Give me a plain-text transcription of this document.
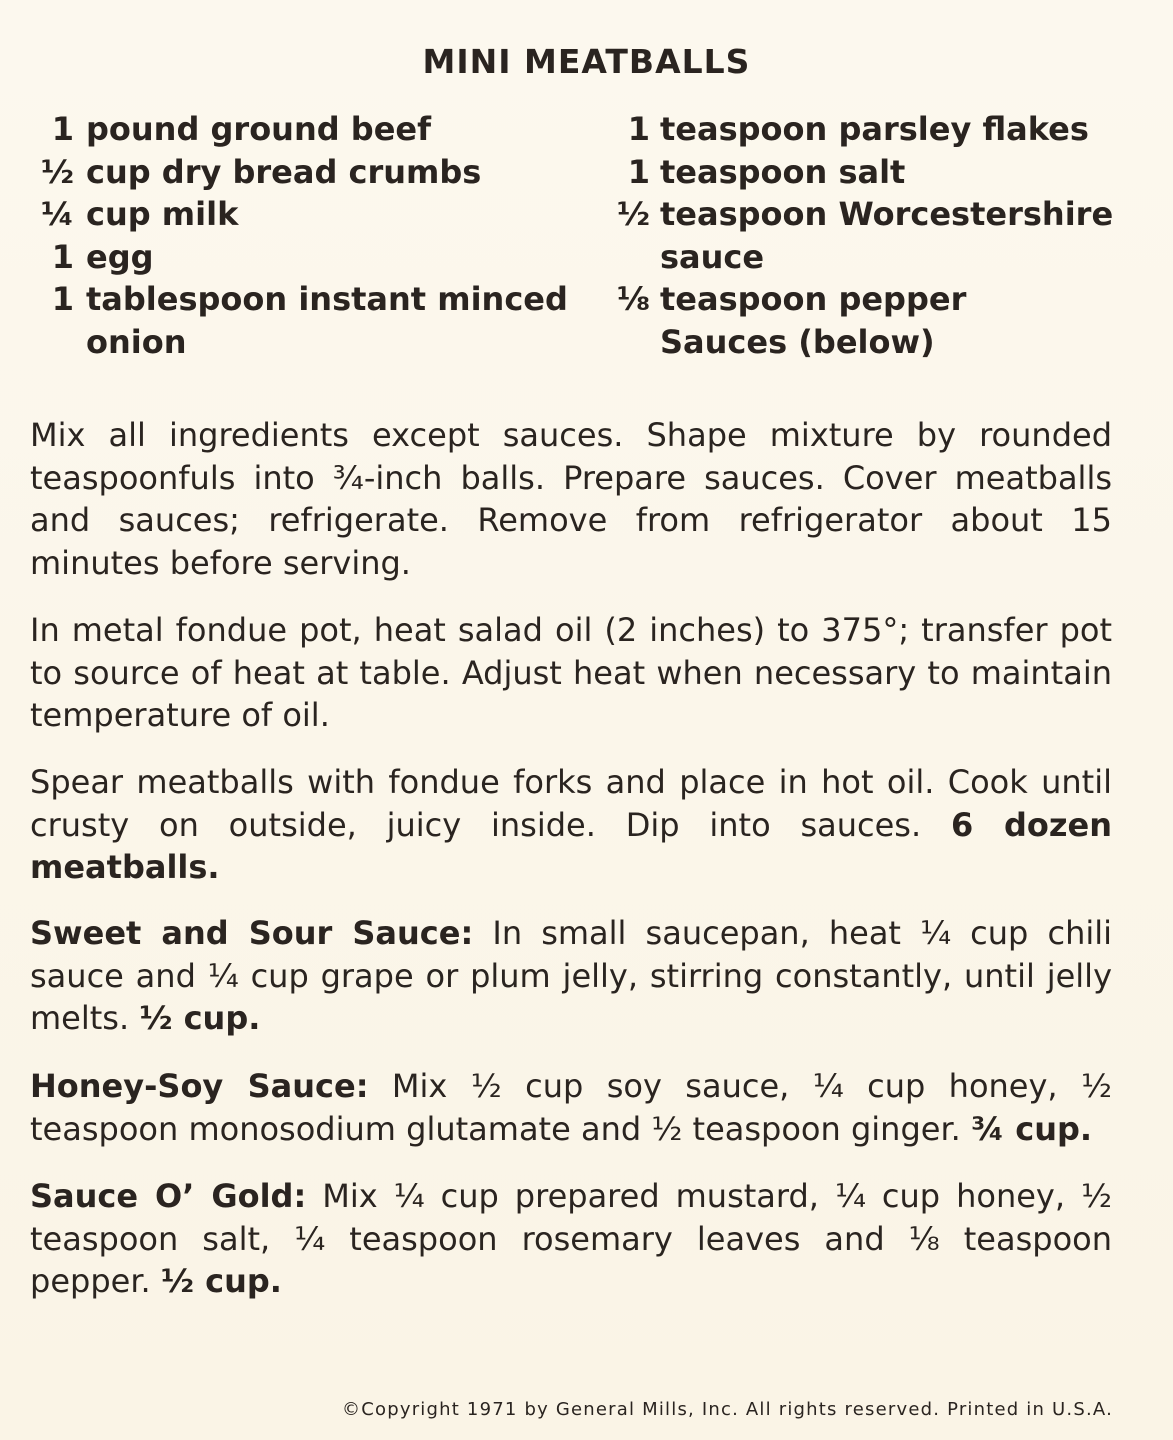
MINI MEATBALLS
1 pound ground beef
½ cup dry bread crumbs
¼ cup milk
1 egg
1 tablespoon instant minced
onion
1 teaspoon parsley flakes
1 teaspoon salt
½ teaspoon Worcestershire
sauce
⅛ teaspoon pepper
Sauces (below)
Mix all ingredients except sauces. Shape mixture by rounded teaspoonfuls into ¾-inch balls. Prepare sauces. Cover meatballs and sauces; refrigerate. Remove from refrigerator about 15 minutes before serving.
In metal fondue pot, heat salad oil (2 inches) to 375°; transfer pot to source of heat at table. Adjust heat when necessary to maintain temperature of oil.
Spear meatballs with fondue forks and place in hot oil. Cook until crusty on outside, juicy inside. Dip into sauces. 6 dozen meatballs.
Sweet and Sour Sauce: In small saucepan, heat ¼ cup chili sauce and ¼ cup grape or plum jelly, stirring constantly, until jelly melts. ½ cup.
Honey-Soy Sauce: Mix ½ cup soy sauce, ¼ cup honey, ½ teaspoon monosodium glutamate and ½ teaspoon ginger. ¾ cup.
Sauce O’ Gold: Mix ¼ cup prepared mustard, ¼ cup honey, ½ teaspoon salt, ¼ teaspoon rosemary leaves and ⅛ teaspoon pepper. ½ cup.
©Copyright 1971 by General Mills, Inc. All rights reserved. Printed in U.S.A.
